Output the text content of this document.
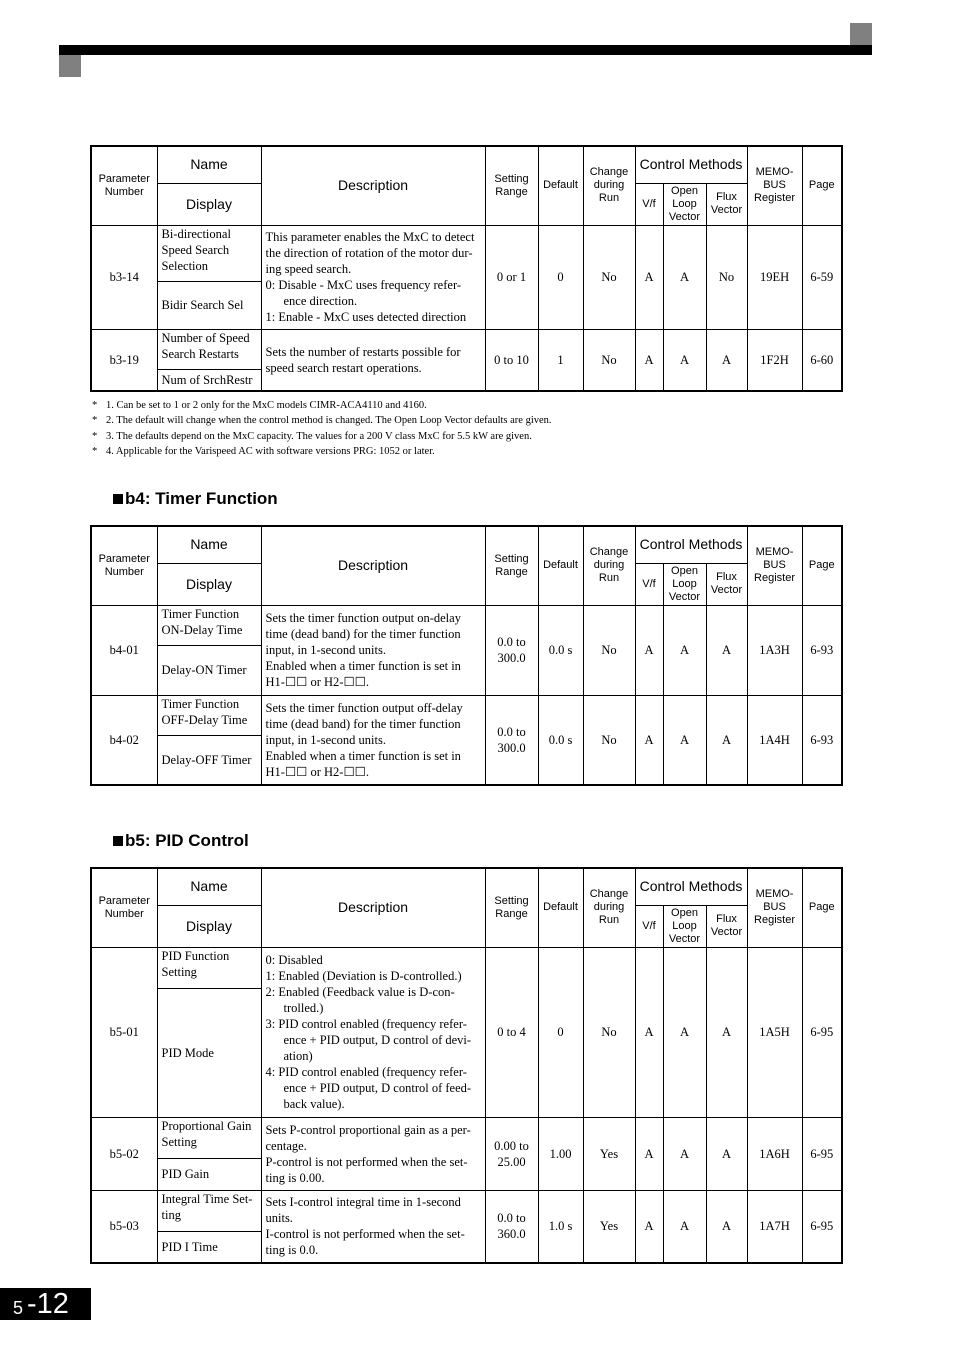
Parameter Number	Name	Description	Setting Range	Default	Change during Run	Control Methods			MEMO-BUS Register	Page
	Display					V/f	Open Loop Vector	Flux Vector		
b3-14	Bi-directional Speed Search Selection	This parameter enables the MxC to detect the direction of rotation of the motor dur-ing speed search.
0: Disable - MxC uses frequency refer-ence direction.
1: Enable - MxC uses detected direction	0 or 1	0	No	A	A	No	19EH	6-59
	Bidir Search Sel									
b3-19	Number of Speed Search Restarts	Sets the number of restarts possible for speed search restart operations.	0 to 10	1	No	A	A	A	1F2H	6-60
	Num of SrchRestr									
* 1. Can be set to 1 or 2 only for the MxC models CIMR-ACA4110 and 4160.
* 2. The default will change when the control method is changed. The Open Loop Vector defaults are given.
* 3. The defaults depend on the MxC capacity. The values for a 200 V class MxC for 5.5 kW are given.
* 4. Applicable for the Varispeed AC with software versions PRG: 1052 or later.
b4: Timer Function
Parameter Number	Name	Description	Setting Range	Default	Change during Run	Control Methods			MEMO-BUS Register	Page
	Display					V/f	Open Loop Vector	Flux Vector		
b4-01	Timer Function ON-Delay Time	Sets the timer function output on-delay time (dead band) for the timer function input, in 1-second units.
Enabled when a timer function is set in H1-☐☐ or H2-☐☐.	0.0 to 300.0	0.0 s	No	A	A	A	1A3H	6-93
	Delay-ON Timer									
b4-02	Timer Function OFF-Delay Time	Sets the timer function output off-delay time (dead band) for the timer function input, in 1-second units.
Enabled when a timer function is set in H1-☐☐ or H2-☐☐.	0.0 to 300.0	0.0 s	No	A	A	A	1A4H	6-93
	Delay-OFF Timer									
b5: PID Control
Parameter Number	Name	Description	Setting Range	Default	Change during Run	Control Methods			MEMO-BUS Register	Page
	Display					V/f	Open Loop Vector	Flux Vector		
b5-01	PID Function Setting	0: Disabled
1: Enabled (Deviation is D-controlled.)
2: Enabled (Feedback value is D-con-trolled.)
3: PID control enabled (frequency refer-ence + PID output, D control of devi-ation)
4: PID control enabled (frequency refer-ence + PID output, D control of feed-back value).	0 to 4	0	No	A	A	A	1A5H	6-95
	PID Mode									
b5-02	Proportional Gain Setting	Sets P-control proportional gain as a per-centage.
P-control is not performed when the set-ting is 0.00.	0.00 to 25.00	1.00	Yes	A	A	A	1A6H	6-95
	PID Gain									
b5-03	Integral Time Set-ting	Sets I-control integral time in 1-second units.
I-control is not performed when the set-ting is 0.0.	0.0 to 360.0	1.0 s	Yes	A	A	A	1A7H	6-95
	PID I Time									
5 -12
